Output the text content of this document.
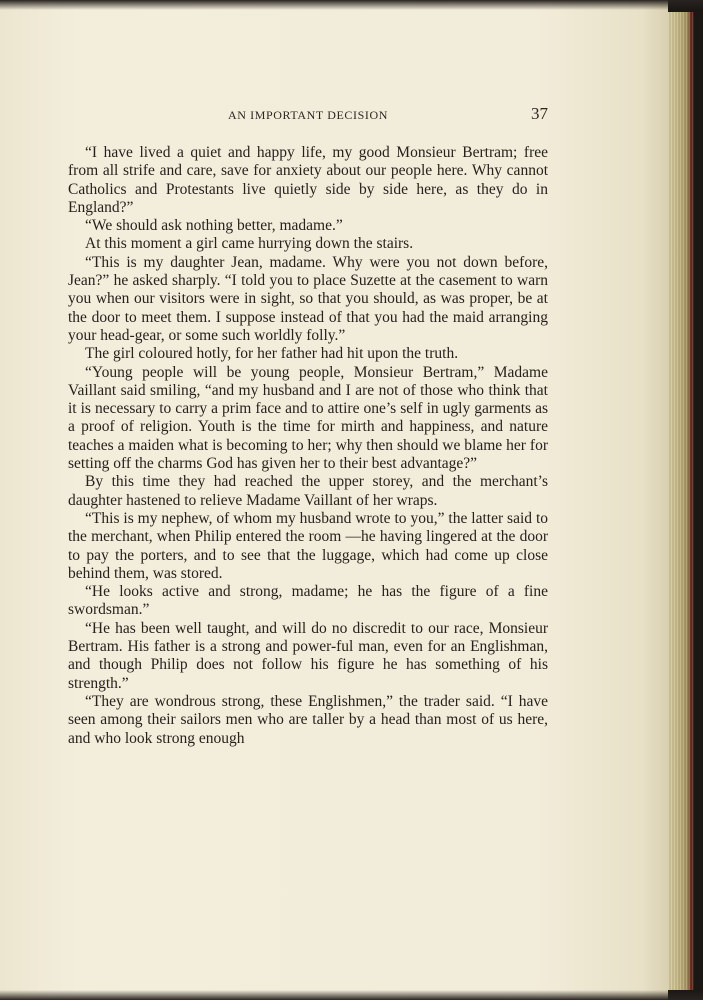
AN IMPORTANT DECISION	37

“I have lived a quiet and happy life, my good Monsieur Bertram; free from all strife and care, save for anxiety about our people here. Why cannot Catholics and Protestants live quietly side by side here, as they do in England?”

“We should ask nothing better, madame.”

At this moment a girl came hurrying down the stairs.

“This is my daughter Jean, madame. Why were you not down before, Jean?” he asked sharply. “I told you to place Suzette at the casement to warn you when our visitors were in sight, so that you should, as was proper, be at the door to meet them. I suppose instead of that you had the maid arranging your head-gear, or some such worldly folly.”

The girl coloured hotly, for her father had hit upon the truth.

“Young people will be young people, Monsieur Bertram,” Madame Vaillant said smiling, “and my husband and I are not of those who think that it is necessary to carry a prim face and to attire one’s self in ugly garments as a proof of religion. Youth is the time for mirth and happiness, and nature teaches a maiden what is becoming to her; why then should we blame her for setting off the charms God has given her to their best advantage?”

By this time they had reached the upper storey, and the merchant’s daughter hastened to relieve Madame Vaillant of her wraps.

“This is my nephew, of whom my husband wrote to you,” the latter said to the merchant, when Philip entered the room —he having lingered at the door to pay the porters, and to see that the luggage, which had come up close behind them, was stored.

“He looks active and strong, madame; he has the figure of a fine swordsman.”

“He has been well taught, and will do no discredit to our race, Monsieur Bertram. His father is a strong and power-ful man, even for an Englishman, and though Philip does not follow his figure he has something of his strength.”

“They are wondrous strong, these Englishmen,” the trader said. “I have seen among their sailors men who are taller by a head than most of us here, and who look strong enough
